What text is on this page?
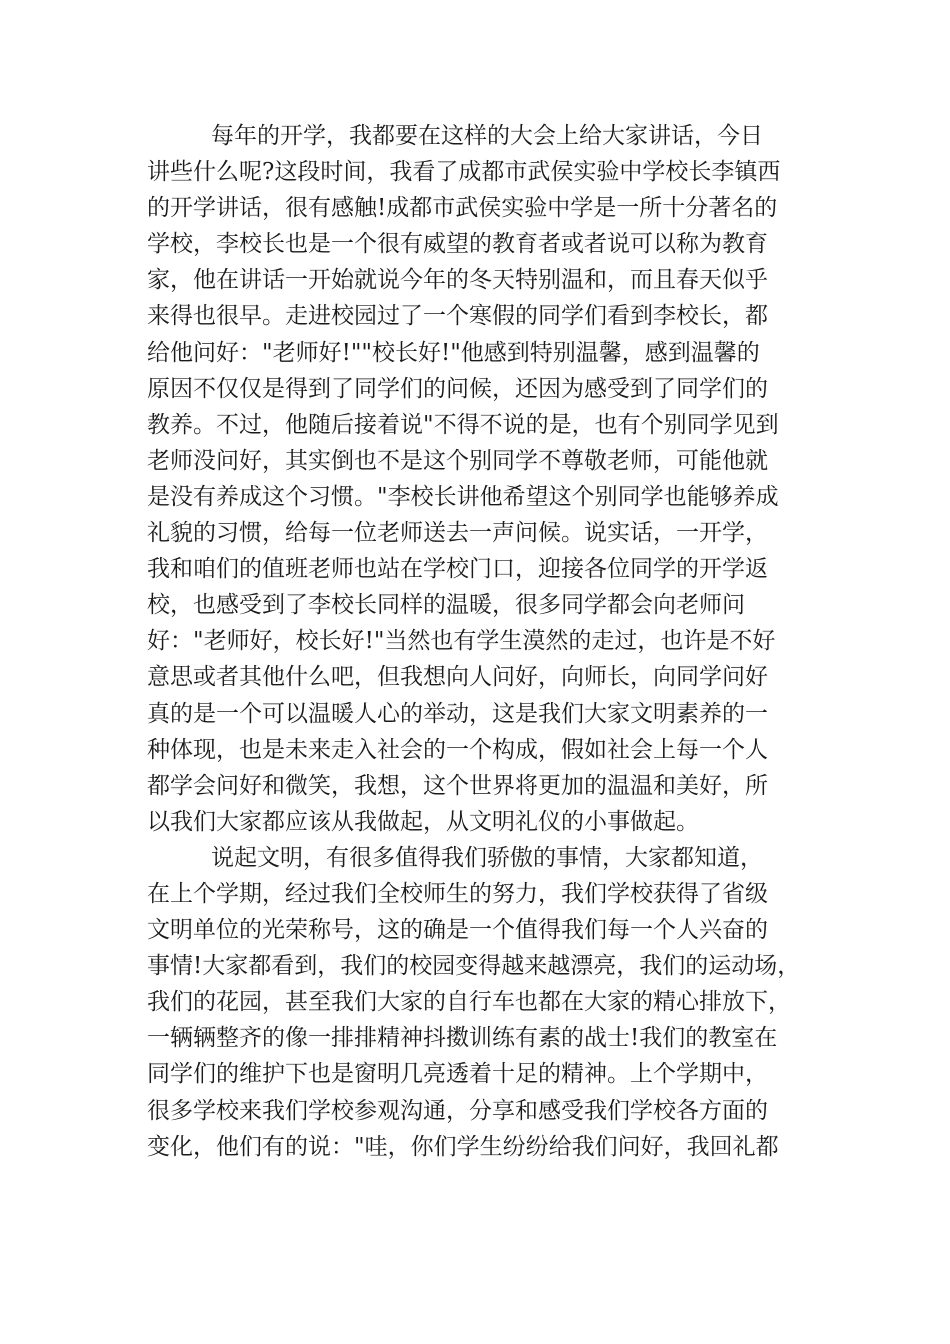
每年的开学，我都要在这样的大会上给大家讲话，今日
讲些什么呢?这段时间，我看了成都市武侯实验中学校长李镇西
的开学讲话，很有感触!成都市武侯实验中学是一所十分著名的
学校，李校长也是一个很有威望的教育者或者说可以称为教育
家，他在讲话一开始就说今年的冬天特别温和，而且春天似乎
来得也很早。走进校园过了一个寒假的同学们看到李校长，都
给他问好："老师好!""校长好!"他感到特别温馨，感到温馨的
原因不仅仅是得到了同学们的问候，还因为感受到了同学们的
教养。不过，他随后接着说"不得不说的是，也有个别同学见到
老师没问好，其实倒也不是这个别同学不尊敬老师，可能他就
是没有养成这个习惯。"李校长讲他希望这个别同学也能够养成
礼貌的习惯，给每一位老师送去一声问候。说实话，一开学，
我和咱们的值班老师也站在学校门口，迎接各位同学的开学返
校，也感受到了李校长同样的温暖，很多同学都会向老师问
好："老师好，校长好!"当然也有学生漠然的走过，也许是不好
意思或者其他什么吧，但我想向人问好，向师长，向同学问好
真的是一个可以温暖人心的举动，这是我们大家文明素养的一
种体现，也是未来走入社会的一个构成，假如社会上每一个人
都学会问好和微笑，我想，这个世界将更加的温温和美好，所
以我们大家都应该从我做起，从文明礼仪的小事做起。
说起文明，有很多值得我们骄傲的事情，大家都知道，
在上个学期，经过我们全校师生的努力，我们学校获得了省级
文明单位的光荣称号，这的确是一个值得我们每一个人兴奋的
事情!大家都看到，我们的校园变得越来越漂亮，我们的运动场，
我们的花园，甚至我们大家的自行车也都在大家的精心排放下，
一辆辆整齐的像一排排精神抖擞训练有素的战士!我们的教室在
同学们的维护下也是窗明几亮透着十足的精神。上个学期中，
很多学校来我们学校参观沟通，分享和感受我们学校各方面的
变化，他们有的说："哇，你们学生纷纷给我们问好，我回礼都
